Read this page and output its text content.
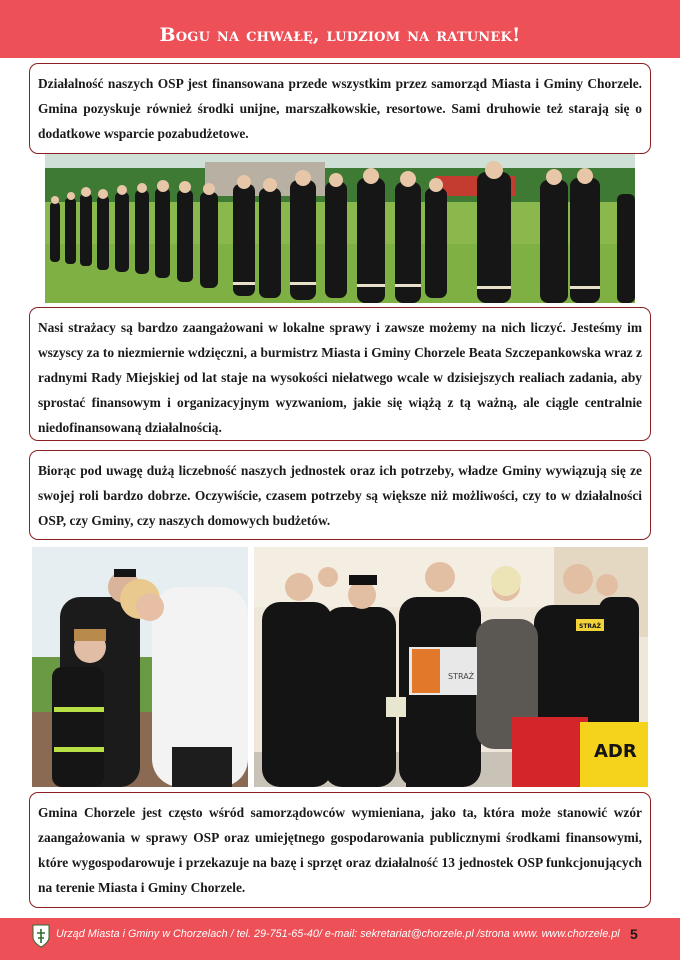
Bogu na chwałę, ludziom na ratunek!
Działalność naszych OSP jest finansowana przede wszystkim przez samorząd Miasta i Gminy Chorzele. Gmina pozyskuje również środki unijne, marszałkowskie, resortowe. Sami druhowie też starają się o dodatkowe wsparcie pozabudżetowe.
Nasi strażacy są bardzo zaangażowani w lokalne sprawy i zawsze możemy na nich liczyć. Jesteśmy im wszyscy za to niezmiernie wdzięczni, a burmistrz Miasta i Gminy Chorzele Beata Szczepankowska wraz z radnymi Rady Miejskiej od lat staje na wysokości niełatwego wcale w dzisiejszych realiach zadania, aby sprostać finansowym i organizacyjnym wyzwaniom, jakie się wiążą z tą ważną, ale ciągle centralnie niedofinansowaną działalnością.
Biorąc pod uwagę dużą liczebność naszych jednostek oraz ich potrzeby, władze Gminy wywiązują się ze swojej roli bardzo dobrze. Oczywiście, czasem potrzeby są większe niż możliwości, czy to w działalności OSP, czy Gminy, czy naszych domowych budżetów.
STRAŻ
ADR
STRAŻ
Gmina Chorzele jest często wśród samorządowców wymieniana, jako ta, która może stanowić wzór zaangażowania w sprawy OSP oraz umiejętnego gospodarowania publicznymi środkami finansowymi, które wygospodarowuje i przekazuje na bazę i sprzęt oraz działalność 13 jednostek OSP funkcjonujących na terenie Miasta i Gminy Chorzele.
Urząd Miasta i Gminy w Chorzelach / tel. 29-751-65-40/ e-mail: sekretariat@chorzele.pl /strona www. www.chorzele.pl 5
